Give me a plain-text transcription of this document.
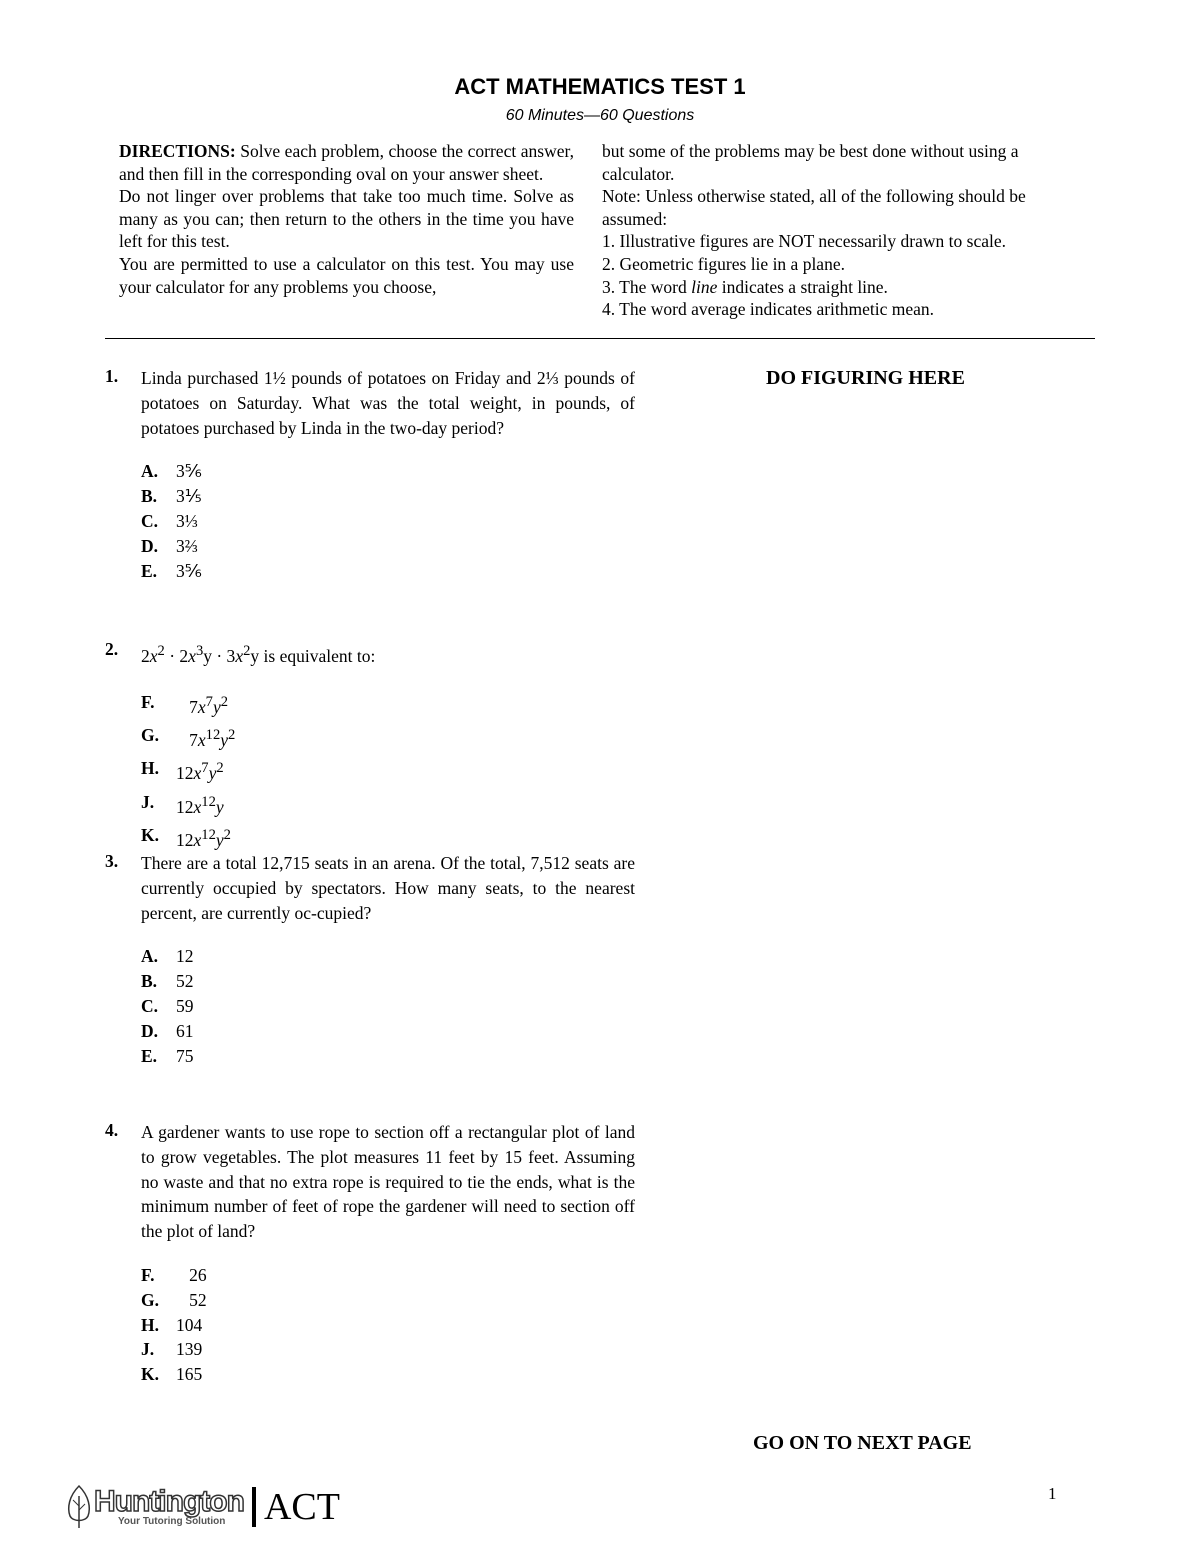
ACT MATHEMATICS TEST 1
60 Minutes—60 Questions

DIRECTIONS: Solve each problem, choose the correct answer, and then fill in the corresponding oval on your answer sheet.

Do not linger over problems that take too much time. Solve as many as you can; then return to the others in the time you have left for this test.

You are permitted to use a calculator on this test. You may use your calculator for any problems you choose,

but some of the problems may be best done without using a calculator.

Note: Unless otherwise stated, all of the following should be assumed:

1. Illustrative figures are NOT necessarily drawn to scale.

2. Geometric figures lie in a plane.

3. The word line indicates a straight line.

4. The word average indicates arithmetic mean.

1. Linda purchased 1½ pounds of potatoes on Friday and 2⅓ pounds of potatoes on Saturday. What was the total weight, in pounds, of potatoes purchased by Linda in the two-day period?
A.	3⅚
B.	3⅕
C.	3⅓
D.	3⅔
E.	3⅚
2. $2x^2 \cdot 2x^3y \cdot 3x^2y$ is equivalent to:
F.	  $7x^7y^2$
G.   $7x^{12}y^2$
H. $12x^7y^2$
J.	$12x^{12}y$
K. $12x^{12}y^2$
3. There are a total 12,715 seats in an arena. Of the total, 7,512 seats are currently occupied by spectators. How many seats, to the nearest percent, are currently oc-cupied?
A.	12
B.	52
C.	59
D.	61
E.	75
4. A gardener wants to use rope to section off a rectangular plot of land to grow vegetables. The plot measures 11 feet by 15 feet. Assuming no waste and that no extra rope is required to tie the ends, what is the minimum number of feet of rope the gardener will need to section off the plot of land?
F.	  26
G.   52
H. 104
J.	139
K. 165
DO FIGURING HERE
GO ON TO NEXT PAGE
1
Huntington
Your Tutoring Solution	ACT
